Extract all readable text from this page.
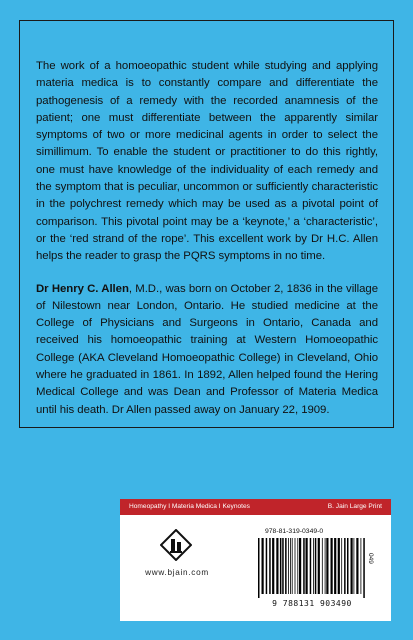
The work of a homoeopathic student while studying and applying materia medica is to constantly compare and differentiate the pathogenesis of a remedy with the recorded anamnesis of the patient; one must differentiate between the apparently similar symptoms of two or more medicinal agents in order to select the simillimum. To enable the student or practitioner to do this rightly, one must have knowledge of the individuality of each remedy and the symptom that is peculiar, uncommon or sufficiently characteristic in the polychrest remedy which may be used as a pivotal point of comparison. This pivotal point may be a ‘keynote,’ a ‘characteristic’, or the ‘red strand of the rope’. This excellent work by Dr H.C. Allen helps the reader to grasp the PQRS symptoms in no time.

Dr Henry C. Allen, M.D., was born on October 2, 1836 in the village of Nilestown near London, Ontario. He studied medicine at the College of Physicians and Surgeons in Ontario, Canada and received his homoeopathic training at Western Homoeopathic College (AKA Cleveland Homoeopathic College) in Cleveland, Ohio where he graduated in 1861. In 1892, Allen helped found the Hering Medical College and was Dean and Professor of Materia Medica until his death. Dr Allen passed away on January 22, 1909.

Homeopathy I Materia Medica I Keynotes	B. Jain Large Print
www.bjain.com
978-81-319-0349-0
9 788131 903490
049
